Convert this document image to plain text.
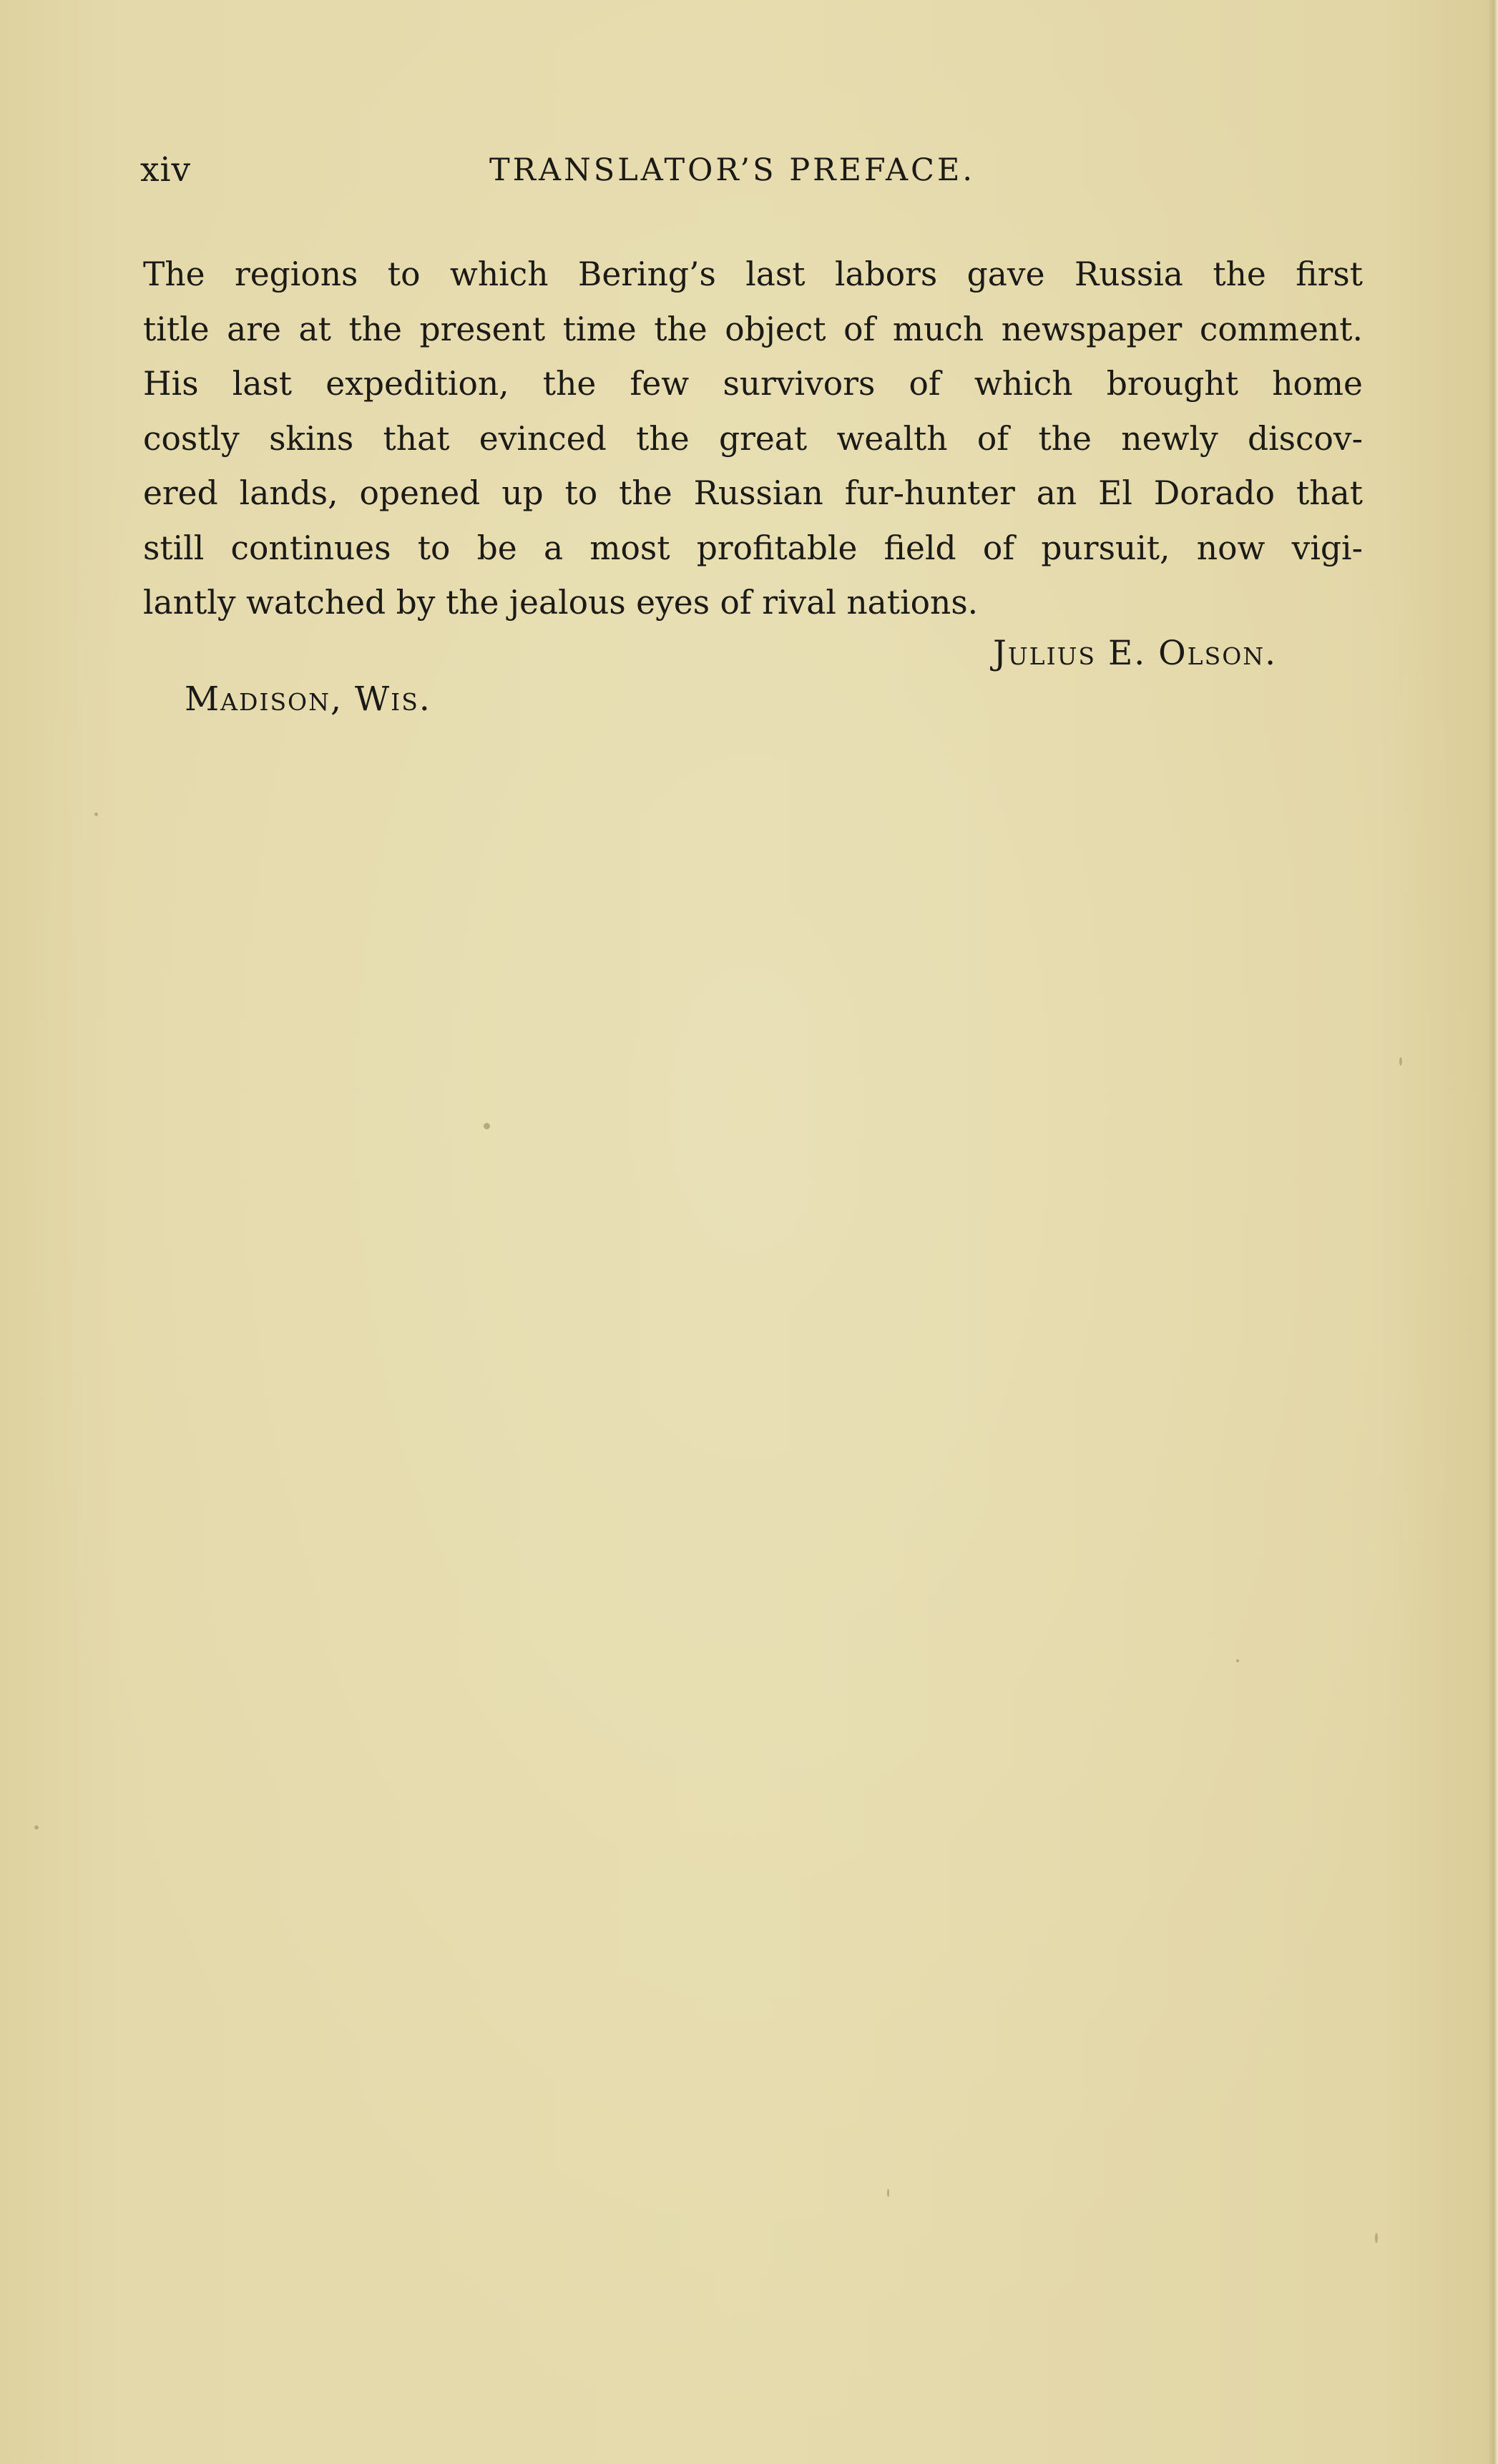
xiv	TRANSLATOR’S PREFACE.
The regions to which Bering’s last labors gave Russia the first
title are at the present time the object of much newspaper comment.
His last expedition, the few survivors of which brought home
costly skins that evinced the great wealth of the newly discov-
ered lands, opened up to the Russian fur-hunter an El Dorado that
still continues to be a most profitable field of pursuit, now vigi-
lantly watched by the jealous eyes of rival nations.
Julius E. Olson.
Madison, Wis.
